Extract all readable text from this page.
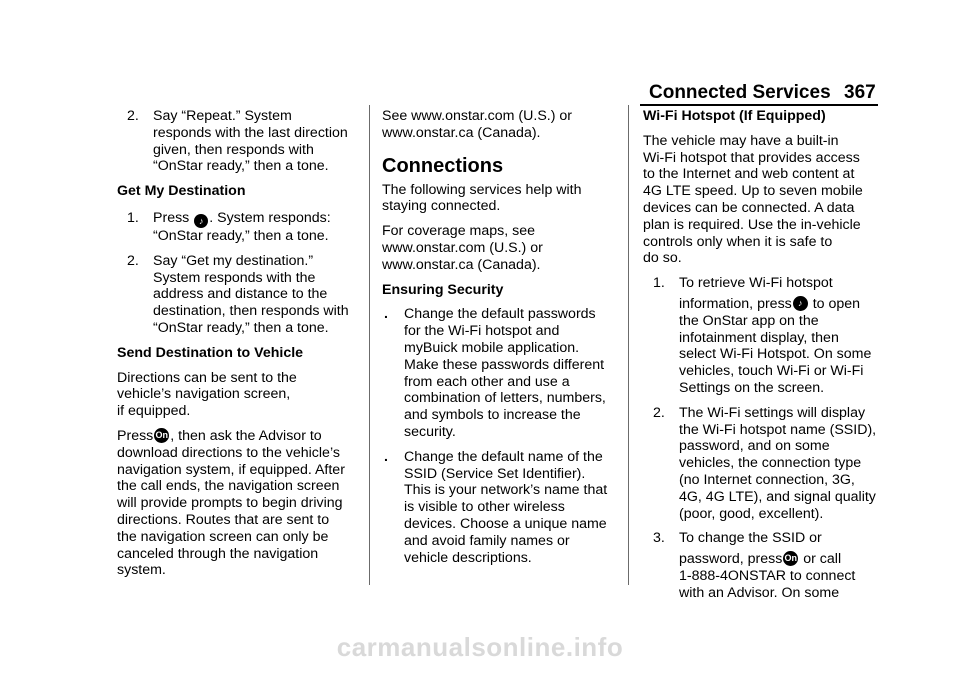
Connected Services 367
2. Say “Repeat.” System
responds with the last direction
given, then responds with
“OnStar ready,” then a tone.
Get My Destination
1. Press ♪ . System responds:
“OnStar ready,” then a tone.
2. Say “Get my destination.”
System responds with the
address and distance to the
destination, then responds with
“OnStar ready,” then a tone.
Send Destination to Vehicle
Directions can be sent to the
vehicle’s navigation screen,
if equipped.
Press On , then ask the Advisor to
download directions to the vehicle’s
navigation system, if equipped. After
the call ends, the navigation screen
will provide prompts to begin driving
directions. Routes that are sent to
the navigation screen can only be
canceled through the navigation
system.
See www.onstar.com (U.S.) or
www.onstar.ca (Canada).
Connections
The following services help with
staying connected.
For coverage maps, see
www.onstar.com (U.S.) or
www.onstar.ca (Canada).
Ensuring Security
. Change the default passwords
for the Wi-Fi hotspot and
myBuick mobile application.
Make these passwords different
from each other and use a
combination of letters, numbers,
and symbols to increase the
security.
. Change the default name of the
SSID (Service Set Identifier).
This is your network’s name that
is visible to other wireless
devices. Choose a unique name
and avoid family names or
vehicle descriptions.
Wi-Fi Hotspot (If Equipped)
The vehicle may have a built-in
Wi-Fi hotspot that provides access
to the Internet and web content at
4G LTE speed. Up to seven mobile
devices can be connected. A data
plan is required. Use the in-vehicle
controls only when it is safe to
do so.
1. To retrieve Wi-Fi hotspot
information, press ♪ to open
the OnStar app on the
infotainment display, then
select Wi-Fi Hotspot. On some
vehicles, touch Wi-Fi or Wi-Fi
Settings on the screen.
2. The Wi-Fi settings will display
the Wi-Fi hotspot name (SSID),
password, and on some
vehicles, the connection type
(no Internet connection, 3G,
4G, 4G LTE), and signal quality
(poor, good, excellent).
3. To change the SSID or
password, press On or call
1-888-4ONSTAR to connect
with an Advisor. On some
carmanualsonline.info
